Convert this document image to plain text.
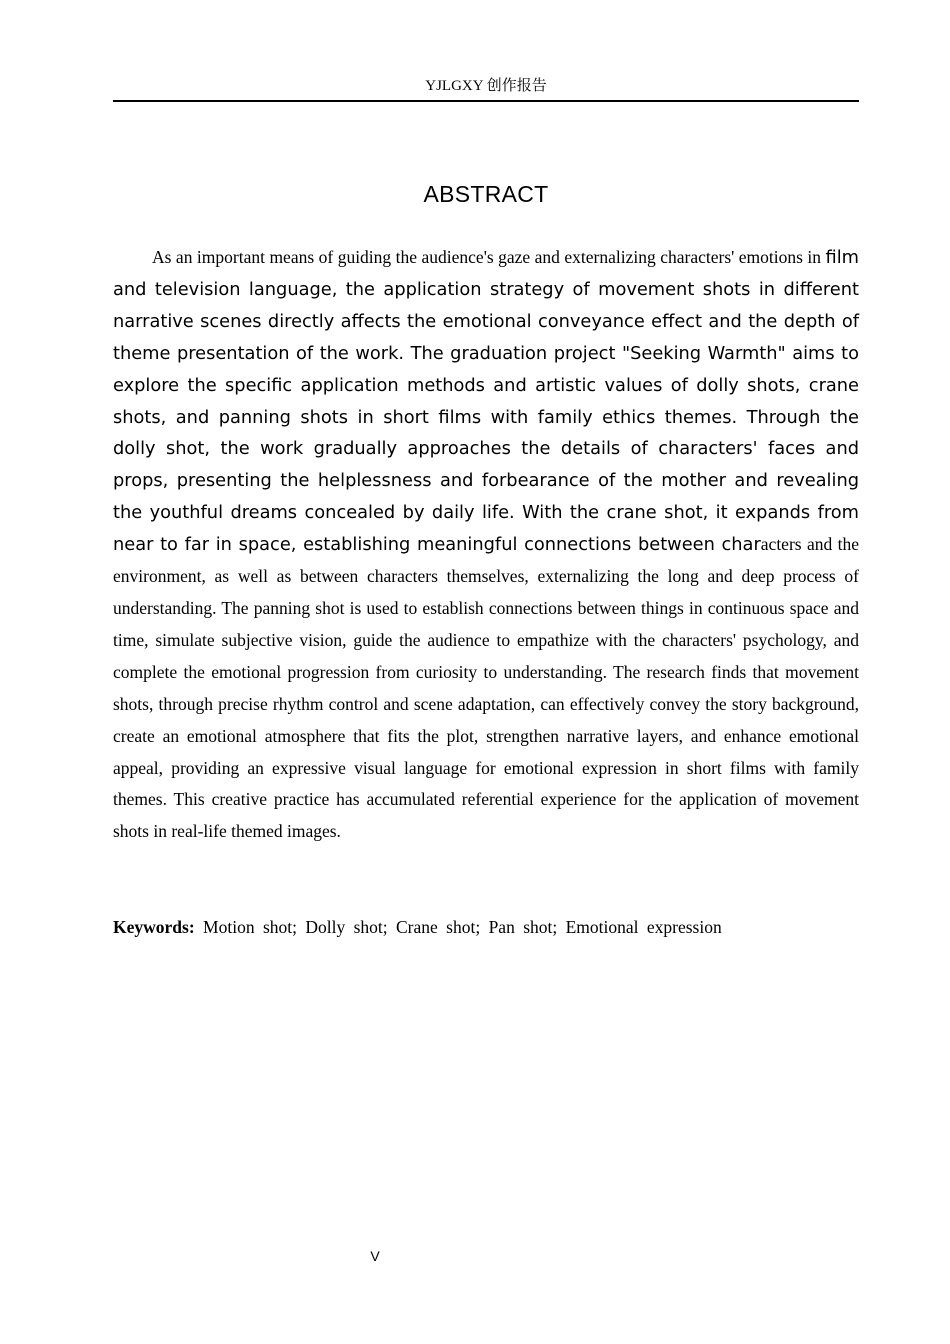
YJLGXY 创作报告
ABSTRACT

As an important means of guiding the audience's gaze and externalizing characters' emotions in film and television language, the application strategy of movement shots in different narrative scenes directly affects the emotional conveyance effect and the depth of theme presentation of the work. The graduation project "Seeking Warmth" aims to explore the specific application methods and artistic values of dolly shots, crane shots, and panning shots in short films with family ethics themes. Through the dolly shot, the work gradually approaches the details of characters' faces and props, presenting the helplessness and forbearance of the mother and revealing the youthful dreams concealed by daily life. With the crane shot, it expands from near to far in space, establishing meaningful connections between characters and the environment, as well as between characters themselves, externalizing the long and deep process of understanding. The panning shot is used to establish connections between things in continuous space and time, simulate subjective vision, guide the audience to empathize with the characters' psychology, and complete the emotional progression from curiosity to understanding. The research finds that movement shots, through precise rhythm control and scene adaptation, can effectively convey the story background, create an emotional atmosphere that fits the plot, strengthen narrative layers, and enhance emotional appeal, providing an expressive visual language for emotional expression in short films with family themes. This creative practice has accumulated referential experience for the application of movement shots in real-life themed images.

Keywords: Motion shot; Dolly shot; Crane shot; Pan shot; Emotional expression

V
